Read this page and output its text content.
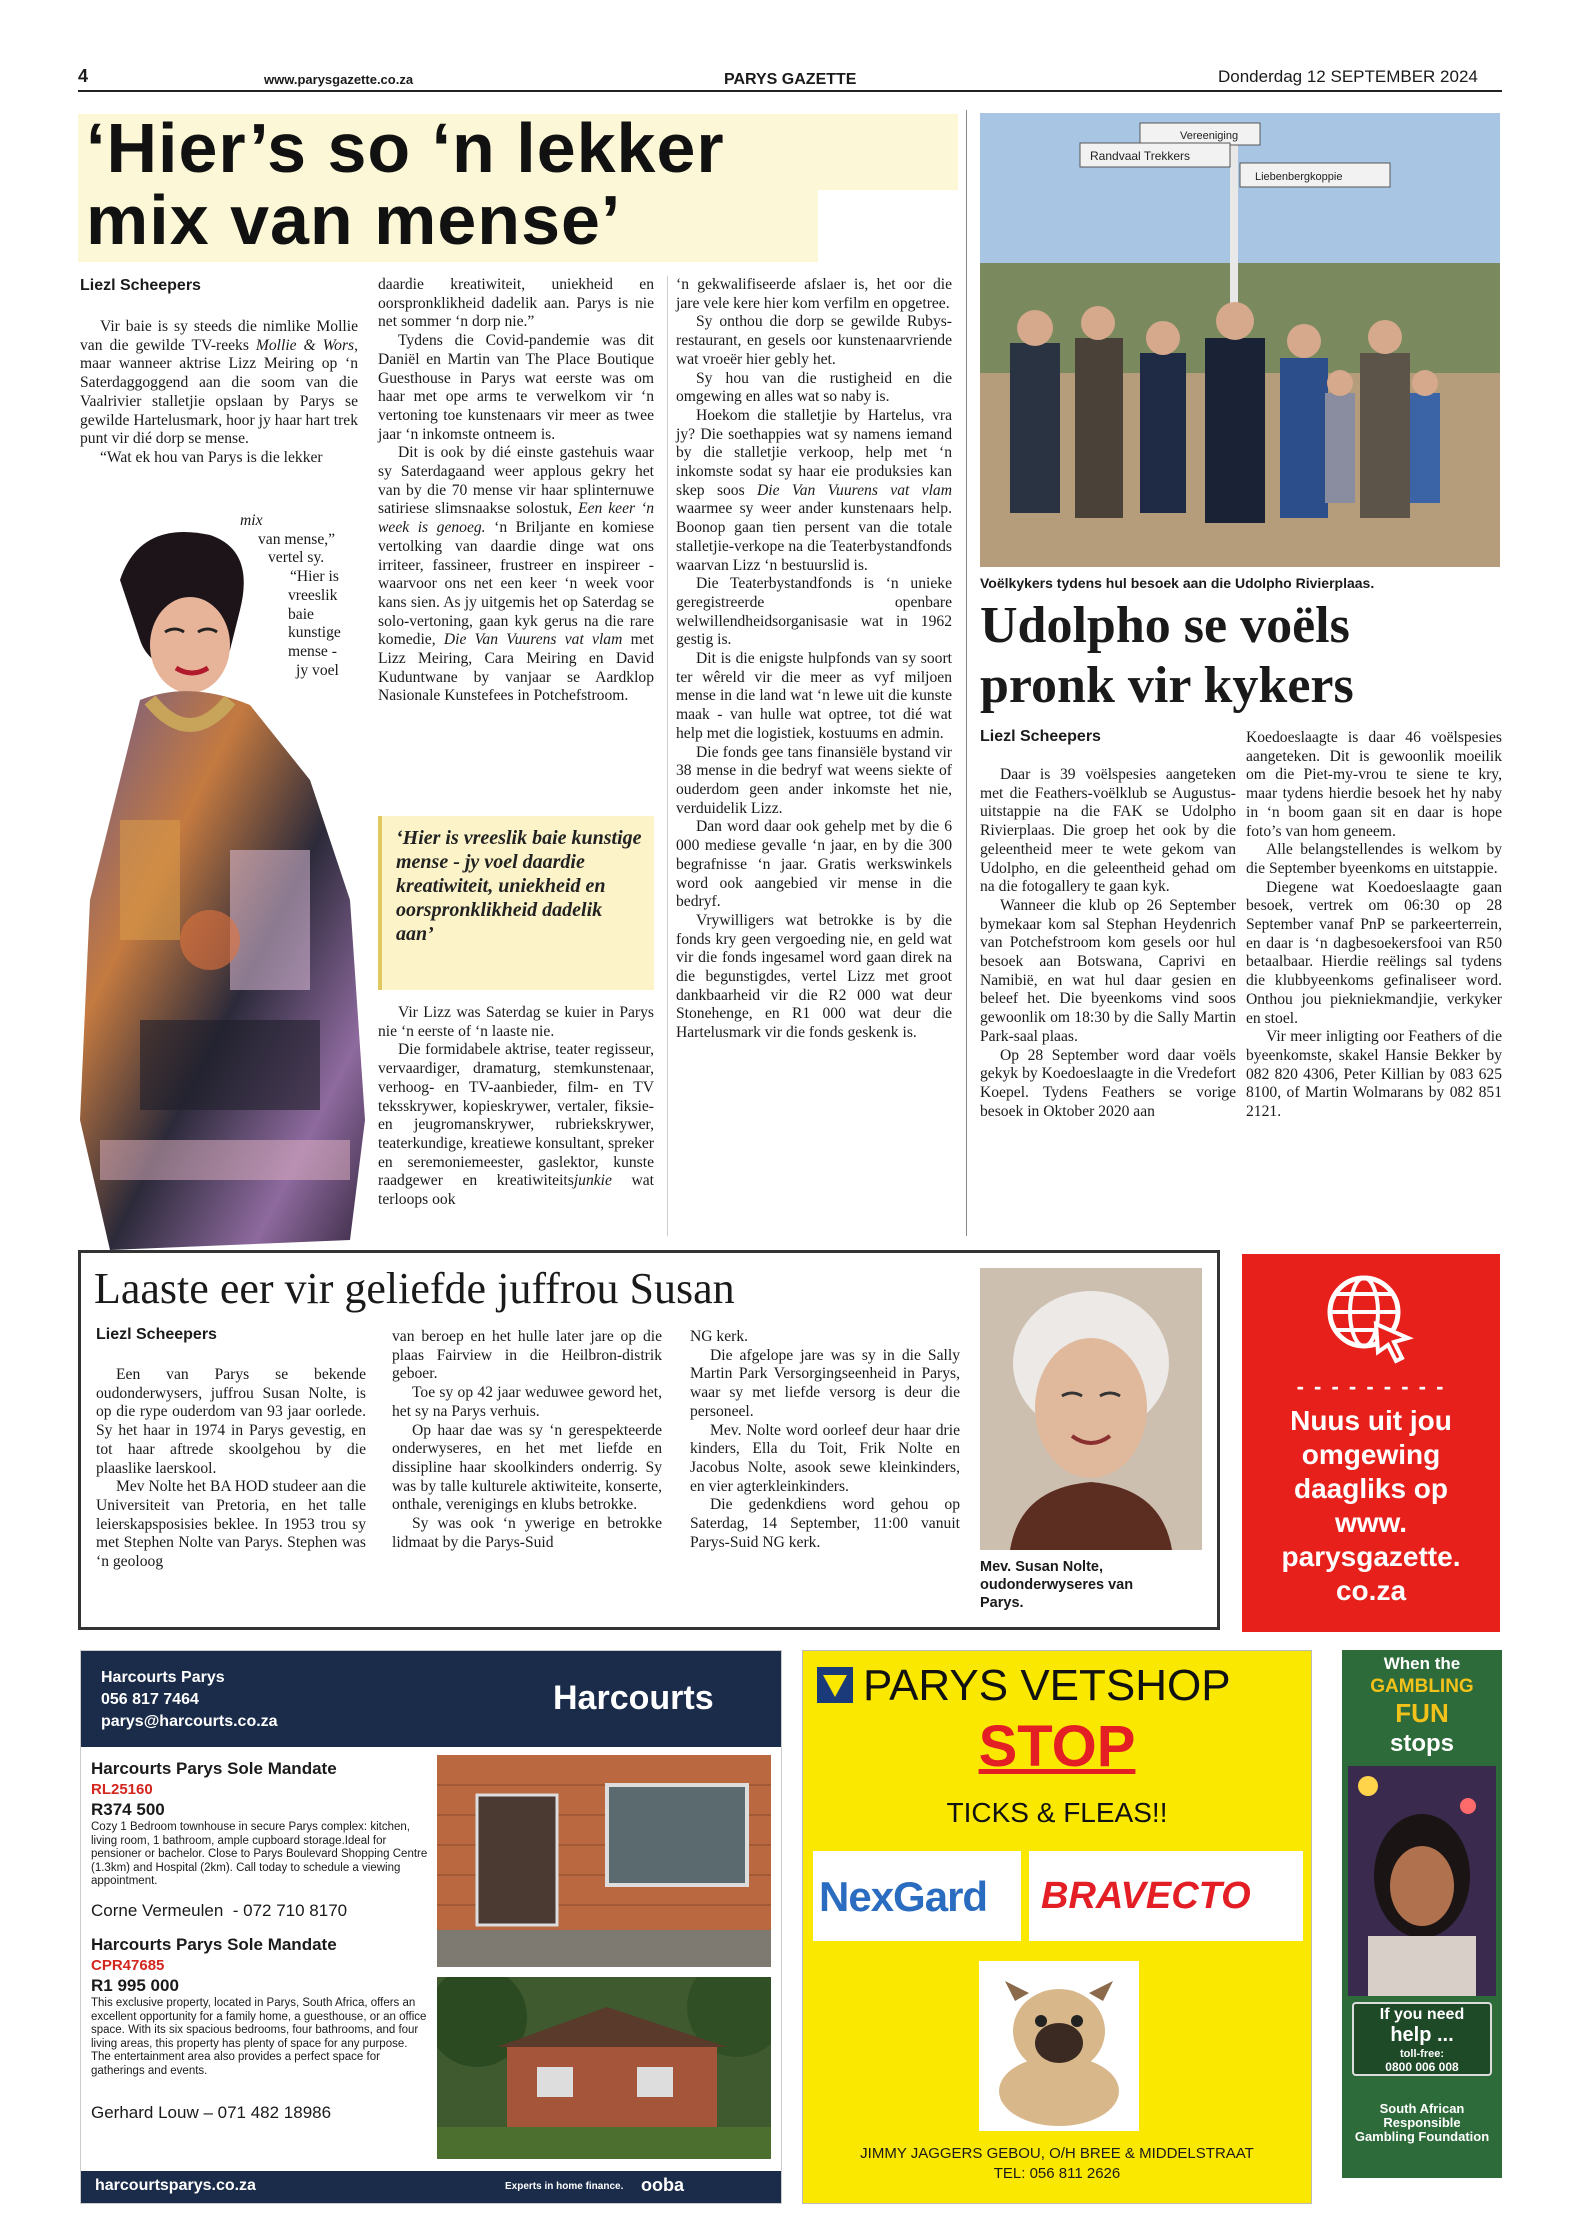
4	www.parysgazette.co.za	PARYS GAZETTE	Donderdag 12 SEPTEMBER 2024
‘Hier’s so ‘n lekker
mix van mense’
Liezl Scheepers

Vir baie is sy steeds die nimlike Mollie van die gewilde TV-reeks Mollie & Wors, maar wanneer aktrise Lizz Meiring op ‘n Saterdaggoggend aan die soom van die Vaalrivier stalletjie opslaan by Parys se gewilde Hartelusmark, hoor jy haar hart trek punt vir dié dorp se mense.

“Wat ek hou van Parys is die lekker

mix
van mense,”
vertel sy.
“Hier is
vreeslik
baie
kunstige
mense -
jy voel

daardie kreatiwiteit, uniekheid en oorspronklikheid dadelik aan. Parys is nie net sommer ‘n dorp nie.”

Tydens die Covid-pandemie was dit Daniël en Martin van The Place Boutique Guesthouse in Parys wat eerste was om haar met ope arms te verwelkom vir ‘n vertoning toe kunstenaars vir meer as twee jaar ‘n inkomste ontneem is.

Dit is ook by dié einste gastehuis waar sy Saterdagaand weer applous gekry het van by die 70 mense vir haar splinternuwe satiriese slimsnaakse solostuk, Een keer ‘n week is genoeg. ‘n Briljante en komiese vertolking van daardie dinge wat ons irriteer, fassineer, frustreer en inspireer - waarvoor ons net een keer ‘n week voor kans sien. As jy uitgemis het op Saterdag se solo-vertoning, gaan kyk gerus na die rare komedie, Die Van Vuurens vat vlam met Lizz Meiring, Cara Meiring en David Kuduntwane by vanjaar se Aardklop Nasionale Kunstefees in Potchefstroom.

‘Hier is vreeslik baie kunstige mense - jy voel daardie kreatiwiteit, uniekheid en oorspronklikheid dadelik aan’

Vir Lizz was Saterdag se kuier in Parys nie ‘n eerste of ‘n laaste nie.

Die formidabele aktrise, teater regisseur, vervaardiger, dramaturg, stemkunstenaar, verhoog- en TV-aanbieder, film- en TV teksskrywer, kopieskrywer, vertaler, fiksie- en jeugromanskrywer, rubriekskrywer, teaterkundige, kreatiewe konsultant, spreker en seremoniemeester, gaslektor, kunste raadgewer en kreatiwiteitsjunkie wat terloops ook

‘n gekwalifiseerde afslaer is, het oor die jare vele kere hier kom verfilm en opgetree.

Sy onthou die dorp se gewilde Rubys-restaurant, en gesels oor kunstenaarvriende wat vroeër hier gebly het.

Sy hou van die rustigheid en die omgewing en alles wat so naby is.

Hoekom die stalletjie by Hartelus, vra jy? Die soethappies wat sy namens iemand by die stalletjie verkoop, help met ‘n inkomste sodat sy haar eie produksies kan skep soos Die Van Vuurens vat vlam waarmee sy weer ander kunstenaars help. Boonop gaan tien persent van die totale stalletjie-verkope na die Teaterbystandfonds waarvan Lizz ‘n bestuurslid is.

Die Teaterbystandfonds is ‘n unieke geregistreerde openbare welwillendheidsorganisasie wat in 1962 gestig is.

Dit is die enigste hulpfonds van sy soort ter wêreld vir die meer as vyf miljoen mense in die land wat ‘n lewe uit die kunste maak - van hulle wat optree, tot dié wat help met die logistiek, kostuums en admin.

Die fonds gee tans finansiële bystand vir 38 mense in die bedryf wat weens siekte of ouderdom geen ander inkomste het nie, verduidelik Lizz.

Dan word daar ook gehelp met by die 6 000 mediese gevalle ‘n jaar, en by die 300 begrafnisse ‘n jaar. Gratis werkswinkels word ook aangebied vir mense in die bedryf.

Vrywilligers wat betrokke is by die fonds kry geen vergoeding nie, en geld wat vir die fonds ingesamel word gaan direk na die begunstigdes, vertel Lizz met groot dankbaarheid vir die R2 000 wat deur Stonehenge, en R1 000 wat deur die Hartelusmark vir die fonds geskenk is.

Vereeniging
Randvaal Trekkers
Liebenbergkoppie
Voëlkykers tydens hul besoek aan die Udolpho Rivierplaas.
Udolpho se voëls
pronk vir kykers
Liezl Scheepers

Daar is 39 voëlspesies aangeteken met die Feathers-voëlklub se Augustus-uitstappie na die FAK se Udolpho Rivierplaas. Die groep het ook by die geleentheid meer te wete gekom van Udolpho, en die geleentheid gehad om na die fotogallery te gaan kyk.

Wanneer die klub op 26 September bymekaar kom sal Stephan Heydenrich van Potchefstroom kom gesels oor hul besoek aan Botswana, Caprivi en Namibië, en wat hul daar gesien en beleef het. Die byeenkoms vind soos gewoonlik om 18:30 by die Sally Martin Park-saal plaas.

Op 28 September word daar voëls gekyk by Koedoeslaagte in die Vredefort Koepel. Tydens Feathers se vorige besoek in Oktober 2020 aan

Koedoeslaagte is daar 46 voëlspesies aangeteken. Dit is gewoonlik moeilik om die Piet-my-vrou te siene te kry, maar tydens hierdie besoek het hy naby in ‘n boom gaan sit en daar is hope foto’s van hom geneem.

Alle belangstellendes is welkom by die September byeenkoms en uitstappie.

Diegene wat Koedoeslaagte gaan besoek, vertrek om 06:30 op 28 September vanaf PnP se parkeerterrein, en daar is ‘n dagbesoekersfooi van R50 betaalbaar. Hierdie reëlings sal tydens die klubbyeenkoms gefinaliseer word. Onthou jou piekniekmandjie, verkyker en stoel.

Vir meer inligting oor Feathers of die byeenkomste, skakel Hansie Bekker by 082 820 4306, Peter Killian by 083 625 8100, of Martin Wolmarans by 082 851 2121.

Laaste eer vir geliefde juffrou Susan
Liezl Scheepers

Een van Parys se bekende oudonderwysers, juffrou Susan Nolte, is op die rype ouderdom van 93 jaar oorlede. Sy het haar in 1974 in Parys gevestig, en tot haar aftrede skoolgehou by die plaaslike laerskool.

Mev Nolte het BA HOD studeer aan die Universiteit van Pretoria, en het talle leierskapsposisies beklee. In 1953 trou sy met Stephen Nolte van Parys. Stephen was ‘n geoloog

van beroep en het hulle later jare op die plaas Fairview in die Heilbron-distrik geboer.

Toe sy op 42 jaar weduwee geword het, het sy na Parys verhuis.

Op haar dae was sy ‘n gerespekteerde onderwyseres, en het met liefde en dissipline haar skoolkinders onderrig. Sy was by talle kulturele aktiwiteite, konserte, onthale, verenigings en klubs betrokke.

Sy was ook ‘n ywerige en betrokke lidmaat by die Parys-Suid

NG kerk.

Die afgelope jare was sy in die Sally Martin Park Versorgingseenheid in Parys, waar sy met liefde versorg is deur die personeel.

Mev. Nolte word oorleef deur haar drie kinders, Ella du Toit, Frik Nolte en Jacobus Nolte, asook sewe kleinkinders, en vier agterkleinkinders.

Die gedenkdiens word gehou op Saterdag, 14 September, 11:00 vanuit Parys-Suid NG kerk.

Mev. Susan Nolte, oudonderwyseres van Parys.
- - - - - - - - -
Nuus uit jou
omgewing
daagliks op
www.
parysgazette.
co.za
Harcourts Parys
056 817 7464
parys@harcourts.co.za
Harcourts
Harcourts Parys Sole Mandate
RL25160
R374 500
Cozy 1 Bedroom townhouse in secure Parys complex: kitchen, living room, 1 bathroom, ample cupboard storage.Ideal for pensioner or bachelor. Close to Parys Boulevard Shopping Centre (1.3km) and Hospital (2km). Call today to schedule a viewing appointment.
Corne Vermeulen  - 072 710 8170
Harcourts Parys Sole Mandate
CPR47685
R1 995 000
This exclusive property, located in Parys, South Africa, offers an excellent opportunity for a family home, a guesthouse, or an office space. With its six spacious bedrooms, four bathrooms, and four living areas, this property has plenty of space for any purpose. The entertainment area also provides a perfect space for gatherings and events.
Gerhard Louw – 071 482 18986
harcourtsparys.co.za	Experts in home finance. ooba
PARYS VETSHOP
STOP
TICKS & FLEAS!!
NexGard BRAVECTO
JIMMY JAGGERS GEBOU, O/H BREE & MIDDELSTRAAT
TEL: 056 811 2626
When the
GAMBLING
FUN
stops
If you need
help ...
toll-free:
0800 006 008
South African Responsible Gambling Foundation
